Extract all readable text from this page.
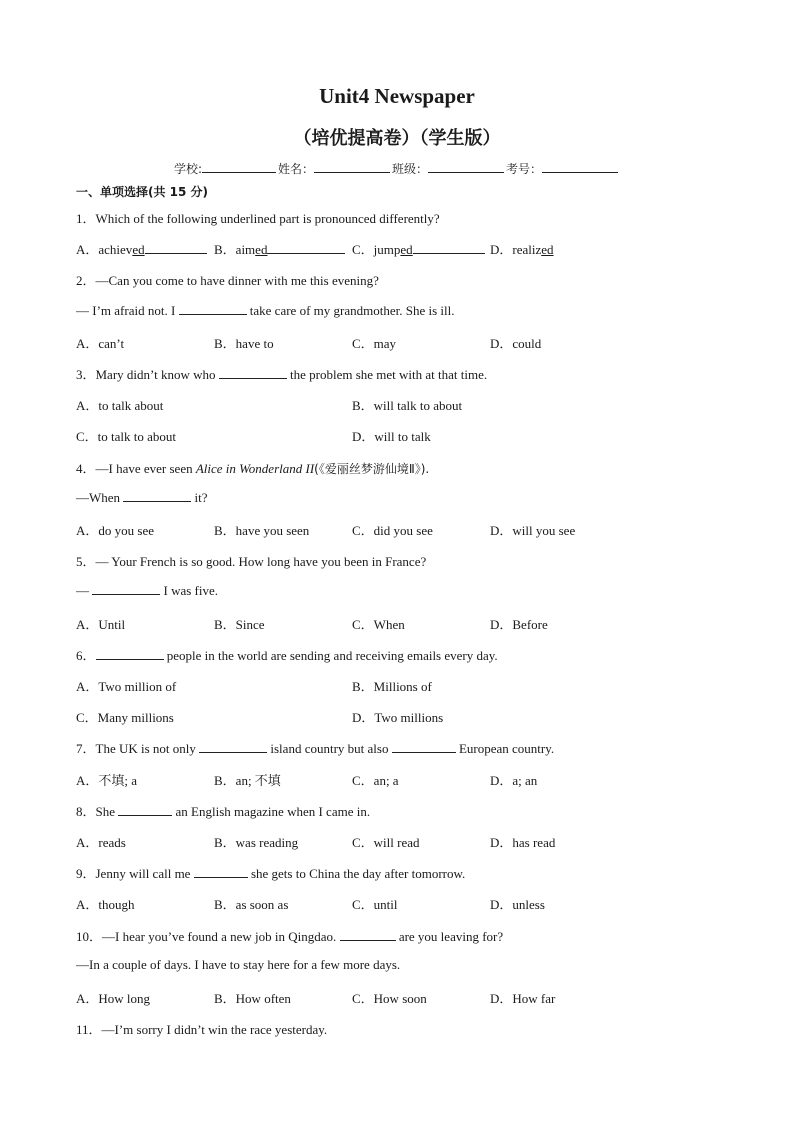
Unit4 Newspaper
（培优提高卷）（学生版）
学校:	姓名：	班级：	考号：
一、单项选择(共 15 分)
1．Which of the following underlined part is pronounced differently?
A．achieved	B．aimed	C．jumped	D．realized
2．—Can you come to have dinner with me this evening?
— I’m afraid not. I	take care of my grandmother. She is ill.
A．can’t	B．have to	C．may	D．could
3．Mary didn’t know who	the problem she met with at that time.
A．to talk about	B．will talk to about
C．to talk to about	D．will to talk
4．—I have ever seen Alice in Wonderland II(《爱丽丝梦游仙境Ⅱ》).
—When	it?
A．do you see	B．have you seen	C．did you see	D．will you see
5．— Your French is so good. How long have you been in France?
—	I was five.
A．Until	B．Since	C．When	D．Before
6．	people in the world are sending and receiving emails every day.
A．Two million of	B．Millions of
C．Many millions	D．Two millions
7．The UK is not only	island country but also	European country.
A．不填; a	B．an; 不填	C．an; a	D．a; an
8．She	an English magazine when I came in.
A．reads	B．was reading	C．will read	D．has read
9．Jenny will call me	she gets to China the day after tomorrow.
A．though	B．as soon as	C．until	D．unless
10．—I hear you’ve found a new job in Qingdao.	are you leaving for?
—In a couple of days. I have to stay here for a few more days.
A．How long	B．How often	C．How soon	D．How far
11．—I’m sorry I didn’t win the race yesterday.
